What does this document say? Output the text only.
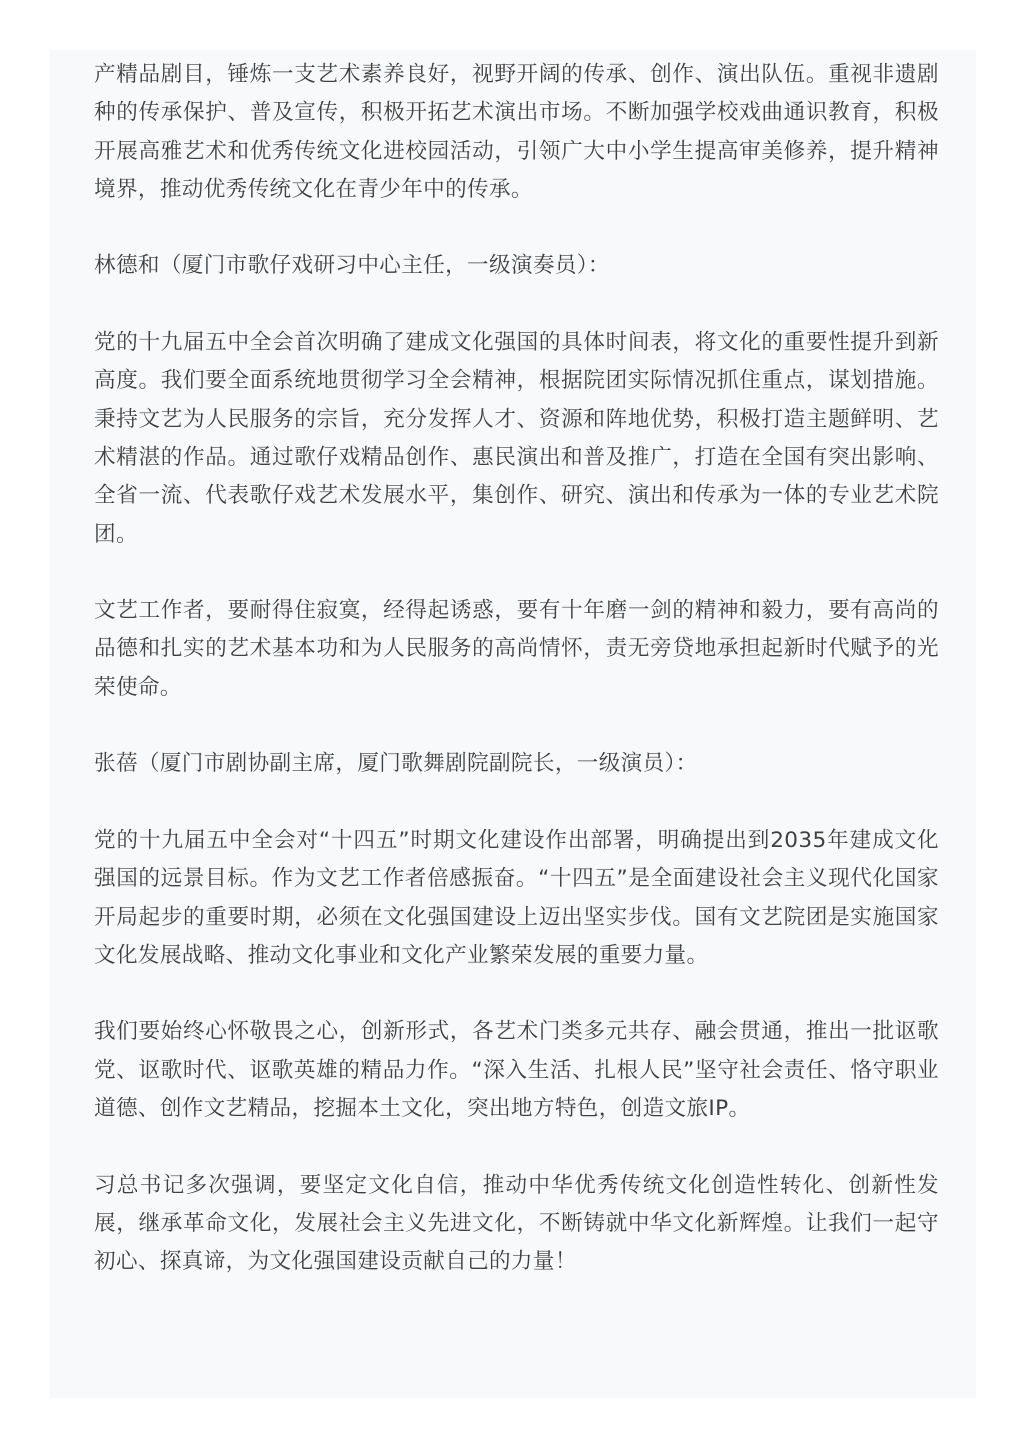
产精品剧目，锤炼一支艺术素养良好，视野开阔的传承、创作、演出队伍。重视非遗剧种的传承保护、普及宣传，积极开拓艺术演出市场。不断加强学校戏曲通识教育，积极开展高雅艺术和优秀传统文化进校园活动，引领广大中小学生提高审美修养，提升精神境界，推动优秀传统文化在青少年中的传承。

林德和（厦门市歌仔戏研习中心主任，一级演奏员）：

党的十九届五中全会首次明确了建成文化强国的具体时间表，将文化的重要性提升到新高度。我们要全面系统地贯彻学习全会精神，根据院团实际情况抓住重点，谋划措施。秉持文艺为人民服务的宗旨，充分发挥人才、资源和阵地优势，积极打造主题鲜明、艺术精湛的作品。通过歌仔戏精品创作、惠民演出和普及推广，打造在全国有突出影响、全省一流、代表歌仔戏艺术发展水平，集创作、研究、演出和传承为一体的专业艺术院团。

文艺工作者，要耐得住寂寞，经得起诱惑，要有十年磨一剑的精神和毅力，要有高尚的品德和扎实的艺术基本功和为人民服务的高尚情怀，责无旁贷地承担起新时代赋予的光荣使命。

张蓓（厦门市剧协副主席，厦门歌舞剧院副院长，一级演员）：

党的十九届五中全会对“十四五”时期文化建设作出部署，明确提出到2035年建成文化强国的远景目标。作为文艺工作者倍感振奋。“十四五”是全面建设社会主义现代化国家开局起步的重要时期，必须在文化强国建设上迈出坚实步伐。国有文艺院团是实施国家文化发展战略、推动文化事业和文化产业繁荣发展的重要力量。

我们要始终心怀敬畏之心，创新形式，各艺术门类多元共存、融会贯通，推出一批讴歌党、讴歌时代、讴歌英雄的精品力作。“深入生活、扎根人民”坚守社会责任、恪守职业道德、创作文艺精品，挖掘本土文化，突出地方特色，创造文旅IP。

习总书记多次强调，要坚定文化自信，推动中华优秀传统文化创造性转化、创新性发展，继承革命文化，发展社会主义先进文化，不断铸就中华文化新辉煌。让我们一起守初心、探真谛，为文化强国建设贡献自己的力量！
